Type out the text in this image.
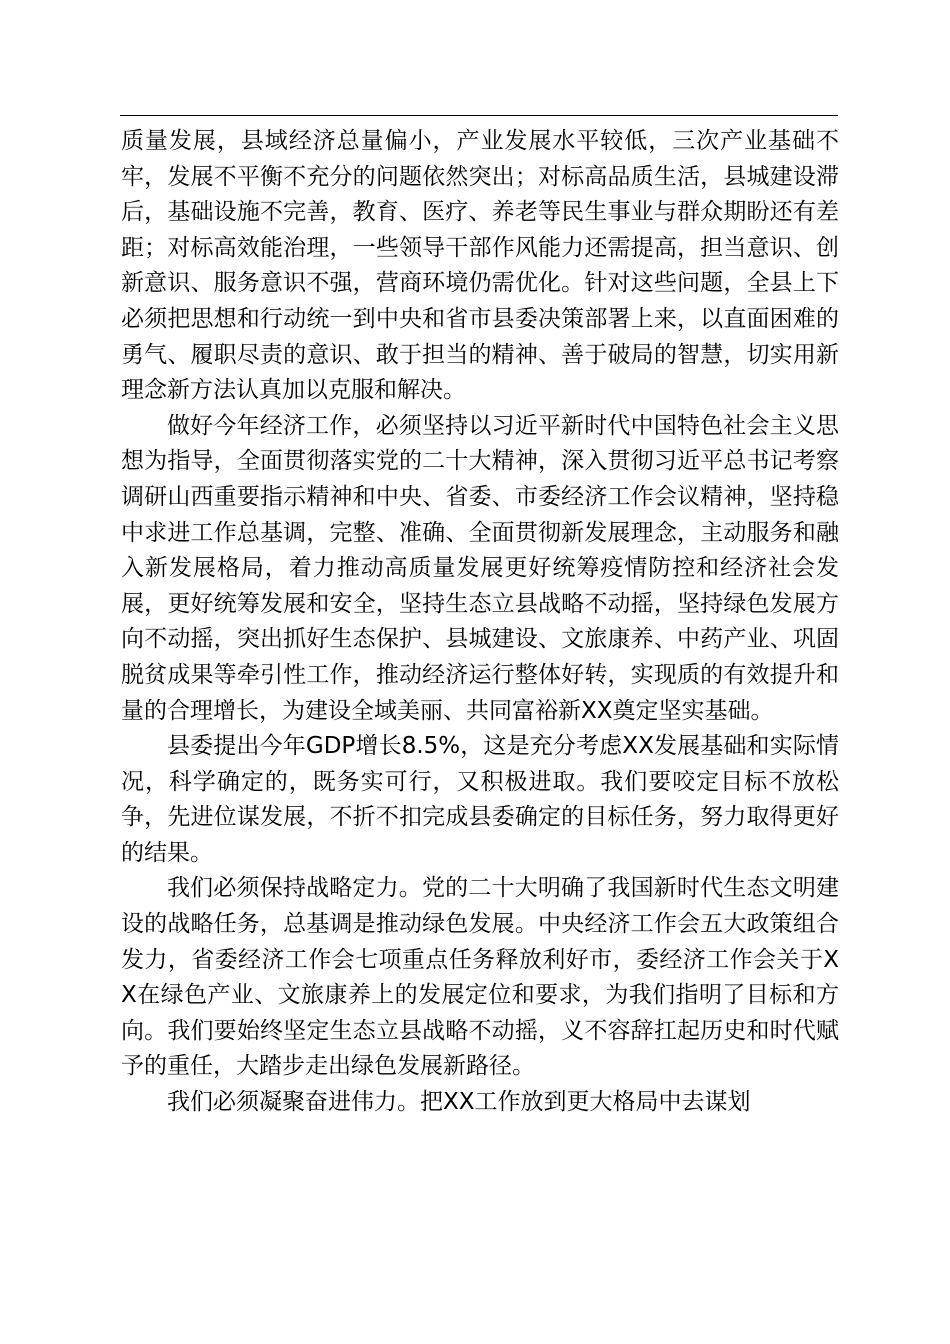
质量发展，县域经济总量偏小，产业发展水平较低，三次产业基础不牢，发展不平衡不充分的问题依然突出；对标高品质生活，县城建设滞后，基础设施不完善，教育、医疗、养老等民生事业与群众期盼还有差距；对标高效能治理，一些领导干部作风能力还需提高，担当意识、创新意识、服务意识不强，营商环境仍需优化。针对这些问题，全县上下必须把思想和行动统一到中央和省市县委决策部署上来，以直面困难的勇气、履职尽责的意识、敢于担当的精神、善于破局的智慧，切实用新理念新方法认真加以克服和解决。

做好今年经济工作，必须坚持以习近平新时代中国特色社会主义思想为指导，全面贯彻落实党的二十大精神，深入贯彻习近平总书记考察调研山西重要指示精神和中央、省委、市委经济工作会议精神，坚持稳中求进工作总基调，完整、准确、全面贯彻新发展理念，主动服务和融入新发展格局，着力推动高质量发展更好统筹疫情防控和经济社会发展，更好统筹发展和安全，坚持生态立县战略不动摇，坚持绿色发展方向不动摇，突出抓好生态保护、县城建设、文旅康养、中药产业、巩固脱贫成果等牵引性工作，推动经济运行整体好转，实现质的有效提升和量的合理增长，为建设全域美丽、共同富裕新XX奠定坚实基础。

县委提出今年GDP增长8.5%，这是充分考虑XX发展基础和实际情况，科学确定的，既务实可行，又积极进取。我们要咬定目标不放松争，先进位谋发展，不折不扣完成县委确定的目标任务，努力取得更好的结果。

我们必须保持战略定力。党的二十大明确了我国新时代生态文明建设的战略任务，总基调是推动绿色发展。中央经济工作会五大政策组合发力，省委经济工作会七项重点任务释放利好市，委经济工作会关于XX在绿色产业、文旅康养上的发展定位和要求，为我们指明了目标和方向。我们要始终坚定生态立县战略不动摇，义不容辞扛起历史和时代赋予的重任，大踏步走出绿色发展新路径。

我们必须凝聚奋进伟力。把XX工作放到更大格局中去谋划
